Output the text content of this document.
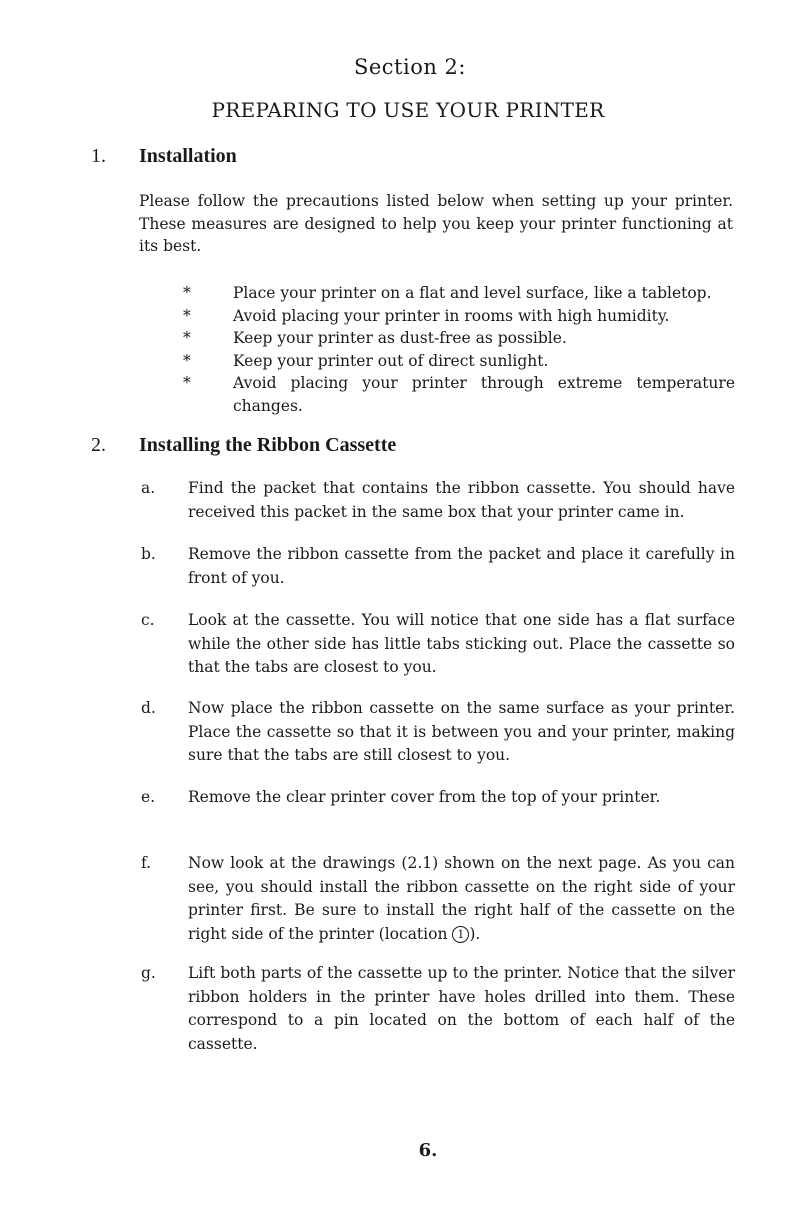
Section 2:
PREPARING TO USE YOUR PRINTER
1. Installation
Please follow the precautions listed below when setting up your printer. These measures are designed to help you keep your printer functioning at its best.
*	Place your printer on a flat and level surface, like a tabletop.
*	Avoid placing your printer in rooms with high humidity.
*	Keep your printer as dust-free as possible.
*	Keep your printer out of direct sunlight.
*	Avoid placing your printer through extreme temperature changes.
2. Installing the Ribbon Cassette
a. Find the packet that contains the ribbon cassette. You should have received this packet in the same box that your printer came in.
b. Remove the ribbon cassette from the packet and place it carefully in front of you.
c. Look at the cassette. You will notice that one side has a flat surface while the other side has little tabs sticking out. Place the cassette so that the tabs are closest to you.
d. Now place the ribbon cassette on the same surface as your printer. Place the cassette so that it is between you and your printer, making sure that the tabs are still closest to you.
e. Remove the clear printer cover from the top of your printer.
f. Now look at the drawings (2.1) shown on the next page. As you can see, you should install the ribbon cassette on the right side of your printer first. Be sure to install the right half of the cassette on the right side of the printer (location 1 ).
g. Lift both parts of the cassette up to the printer. Notice that the silver ribbon holders in the printer have holes drilled into them. These correspond to a pin located on the bottom of each half of the cassette.
6.
